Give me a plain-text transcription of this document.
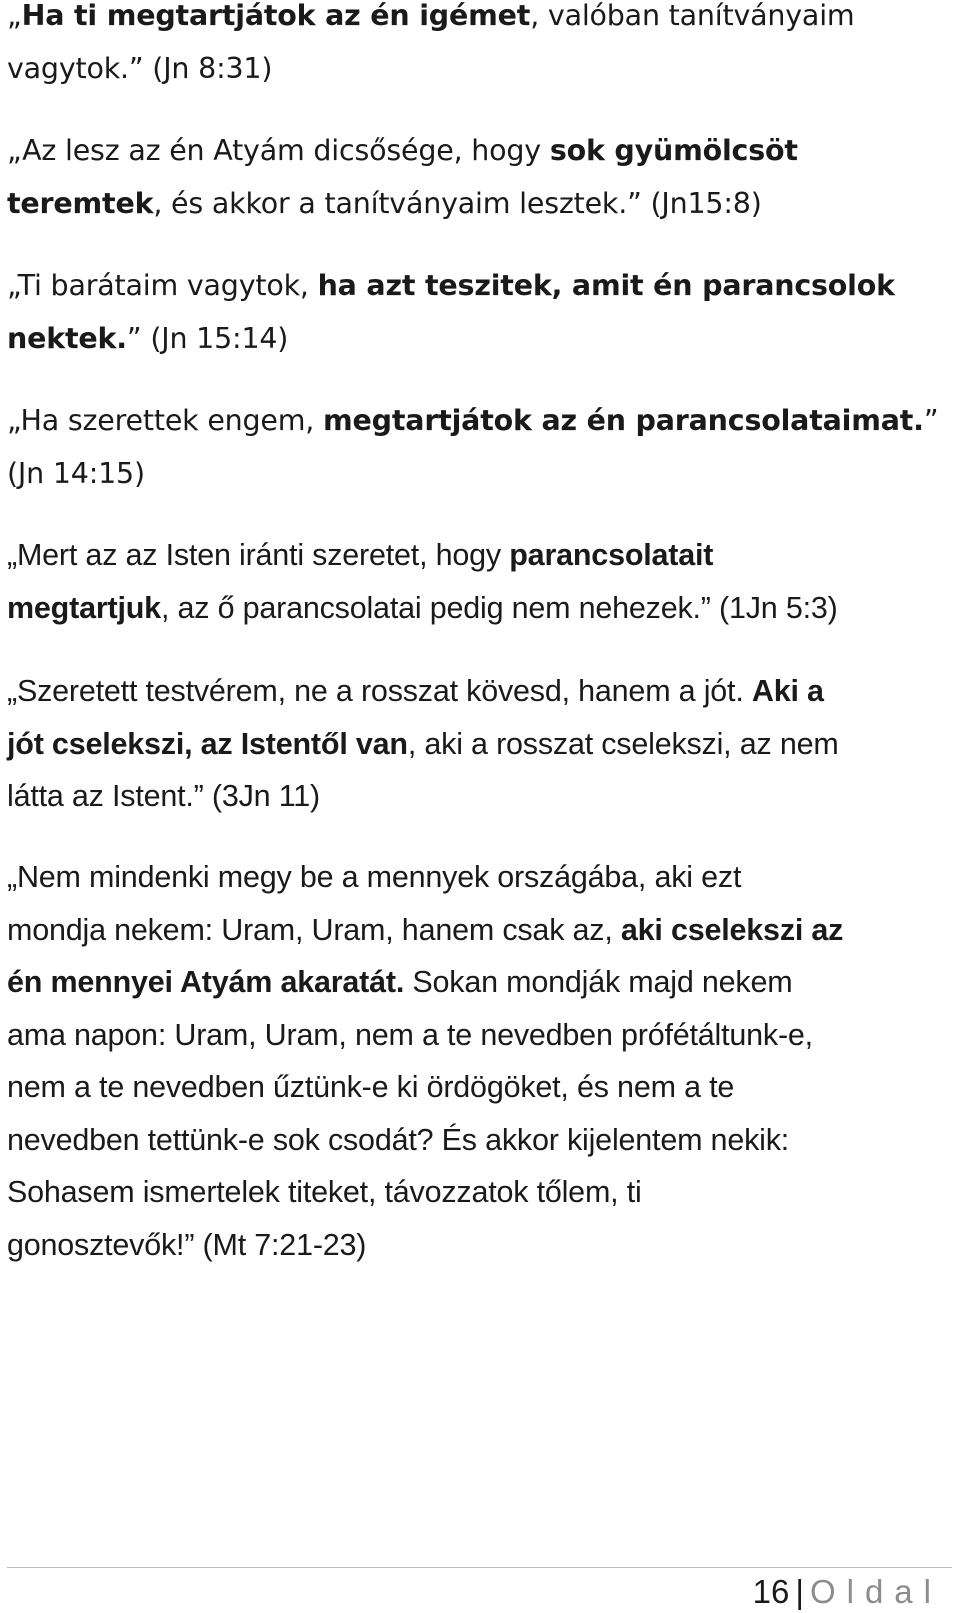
„Ha ti megtartjátok az én igémet, valóban tanítványaim
vagytok.” (Jn 8:31)

„Az lesz az én Atyám dicsősége, hogy sok gyümölcsöt
teremtek, és akkor a tanítványaim lesztek.” (Jn15:8)

„Ti barátaim vagytok, ha azt teszitek, amit én parancsolok
nektek.” (Jn 15:14)

„Ha szerettek engem, megtartjátok az én parancsolataimat.”
(Jn 14:15)

„Mert az az Isten iránti szeretet, hogy parancsolatait
megtartjuk, az ő parancsolatai pedig nem nehezek.” (1Jn 5:3)

„Szeretett testvérem, ne a rosszat kövesd, hanem a jót. Aki a
jót cselekszi, az Istentől van, aki a rosszat cselekszi, az nem
látta az Istent.” (3Jn 11)

„Nem mindenki megy be a mennyek országába, aki ezt
mondja nekem: Uram, Uram, hanem csak az, aki cselekszi az
én mennyei Atyám akaratát. Sokan mondják majd nekem
ama napon: Uram, Uram, nem a te nevedben prófétáltunk-e,
nem a te nevedben űztünk-e ki ördögöket, és nem a te
nevedben tettünk-e sok csodát? És akkor kijelentem nekik:
Sohasem ismertelek titeket, távozzatok tőlem, ti
gonosztevők!” (Mt 7:21-23)

16 | Oldal
